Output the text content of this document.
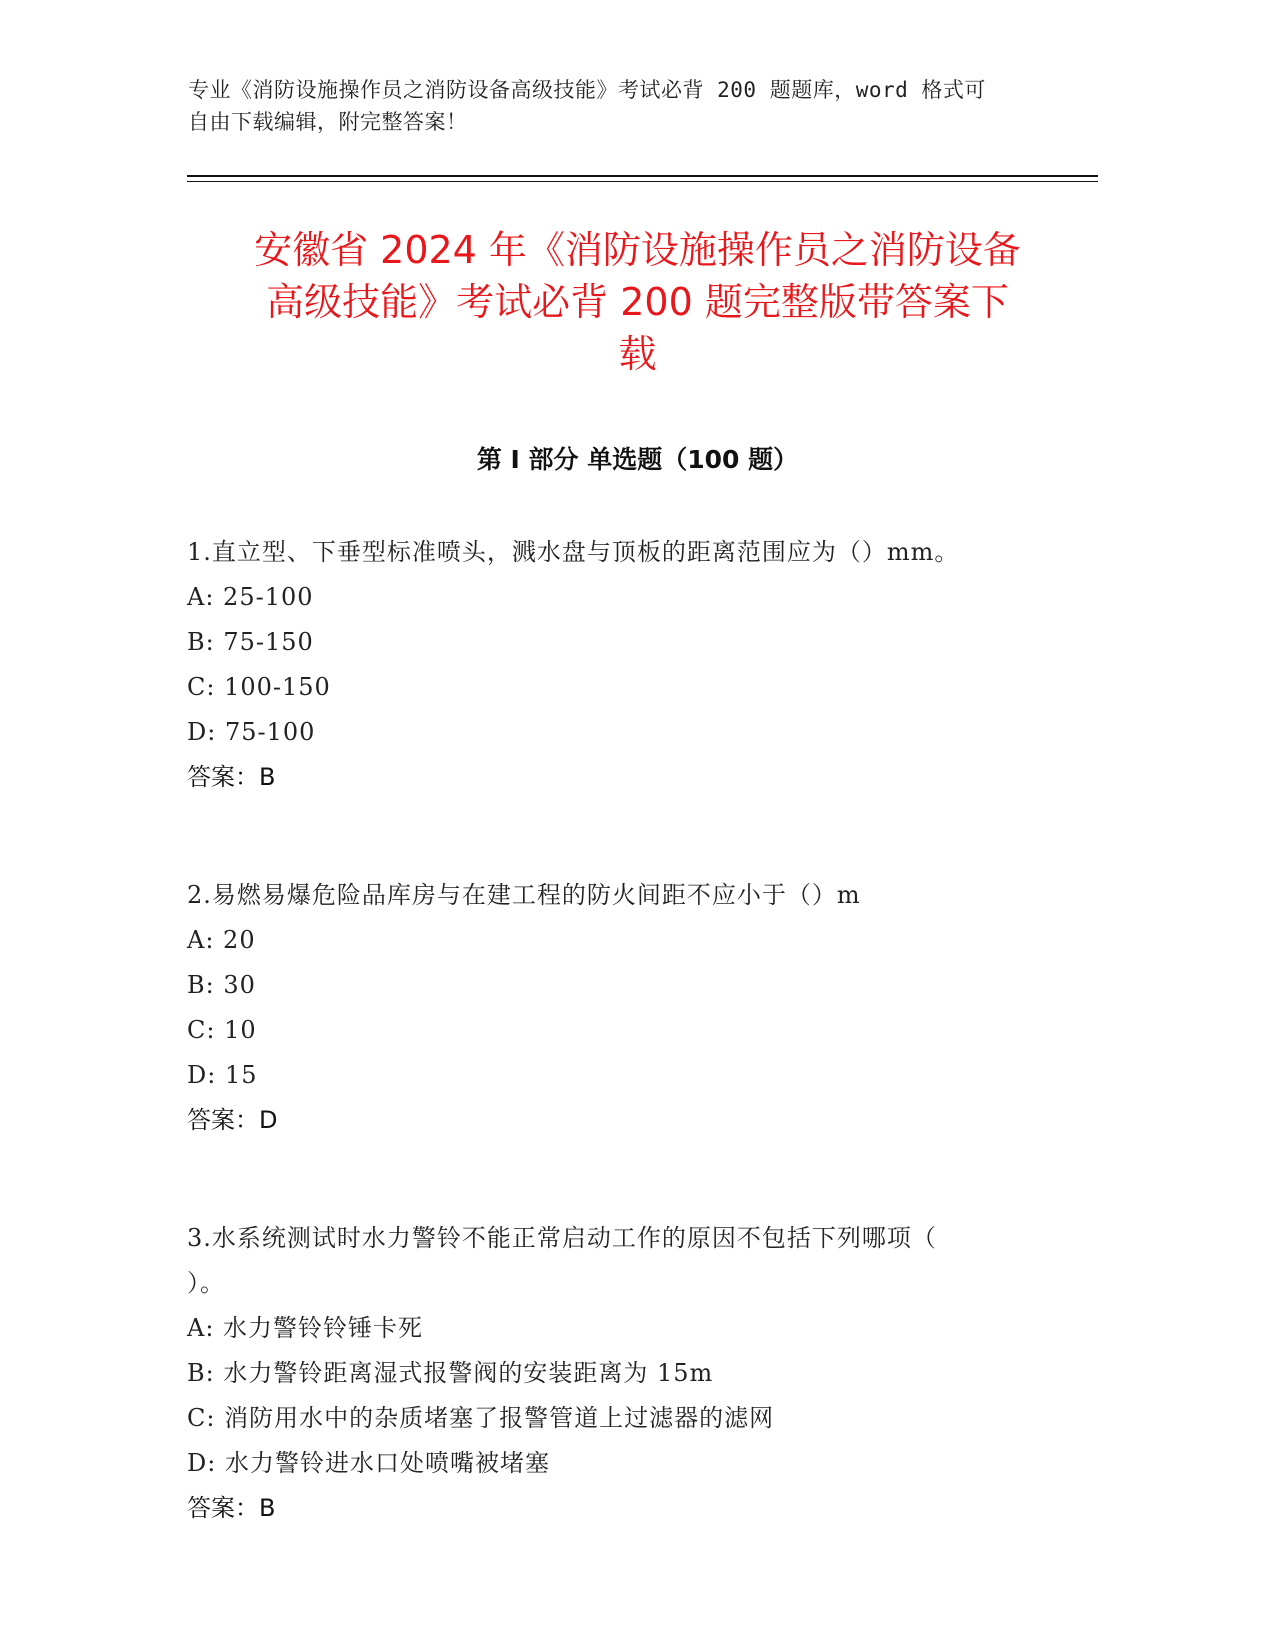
专业《消防设施操作员之消防设备高级技能》考试必背 200 题题库，word 格式可
自由下载编辑，附完整答案！
安徽省 2024 年《消防设施操作员之消防设备
高级技能》考试必背 200 题完整版带答案下
载
第 I 部分 单选题（100 题）
1.直立型、下垂型标准喷头，溅水盘与顶板的距离范围应为（）mm。
A: 25-100
B: 75-150
C: 100-150
D: 75-100
答案：B
2.易燃易爆危险品库房与在建工程的防火间距不应小于（）m
A: 20
B: 30
C: 10
D: 15
答案：D
3.水系统测试时水力警铃不能正常启动工作的原因不包括下列哪项（
）。
A: 水力警铃铃锤卡死
B: 水力警铃距离湿式报警阀的安装距离为 15m
C: 消防用水中的杂质堵塞了报警管道上过滤器的滤网
D: 水力警铃进水口处喷嘴被堵塞
答案：B
